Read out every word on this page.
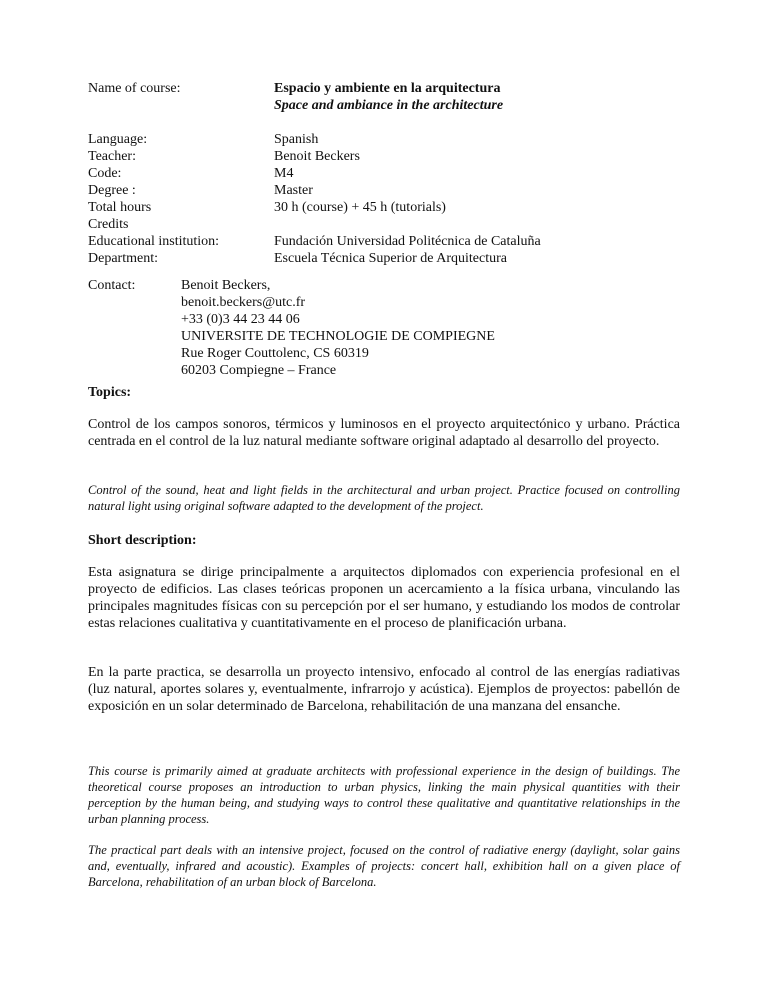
Name of course:	Espacio y ambiente en la arquitectura
Space and ambiance in the architecture
Language:
Teacher:
Code:
Degree :
Total hours
Credits
Educational institution:
Department:
Spanish
Benoit Beckers
M4
Master
30 h (course) + 45 h (tutorials)
Fundación Universidad Politécnica de Cataluña
Escuela Técnica Superior de Arquitectura
Contact:	Benoit Beckers,
benoit.beckers@utc.fr
+33 (0)3 44 23 44 06
UNIVERSITE DE TECHNOLOGIE DE COMPIEGNE
Rue Roger Couttolenc, CS 60319
60203 Compiegne – France
Topics:
Control de los campos sonoros, térmicos y luminosos en el proyecto arquitectónico y urbano. Práctica centrada en el control de la luz natural mediante software original adaptado al desarrollo del proyecto.
Control of the sound, heat and light fields in the architectural and urban project. Practice focused on controlling natural light using original software adapted to the development of the project.
Short description:
Esta asignatura se dirige principalmente a arquitectos diplomados con experiencia profesional en el proyecto de edificios. Las clases teóricas proponen un acercamiento a la física urbana, vinculando las principales magnitudes físicas con su percepción por el ser humano, y estudiando los modos de controlar estas relaciones cualitativa y cuantitativamente en el proceso de planificación urbana.
En la parte practica, se desarrolla un proyecto intensivo, enfocado al control de las energías radiativas (luz natural, aportes solares y, eventualmente, infrarrojo y acústica). Ejemplos de proyectos: pabellón de exposición en un solar determinado de Barcelona, rehabilitación de una manzana del ensanche.
This course is primarily aimed at graduate architects with professional experience in the design of buildings. The theoretical course proposes an introduction to urban physics, linking the main physical quantities with their perception by the human being, and studying ways to control these qualitative and quantitative relationships in the urban planning process.
The practical part deals with an intensive project, focused on the control of radiative energy (daylight, solar gains and, eventually, infrared and acoustic). Examples of projects: concert hall, exhibition hall on a given place of Barcelona, rehabilitation of an urban block of Barcelona.
